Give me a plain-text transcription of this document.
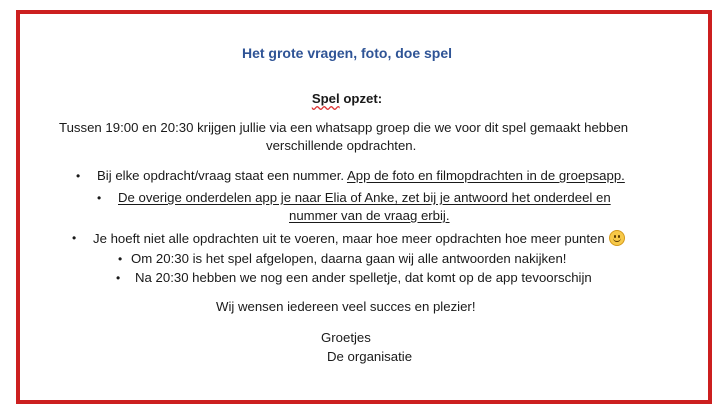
Het grote vragen, foto, doe spel
Spel opzet:
Tussen 19:00 en 20:30 krijgen jullie via een whatsapp groep die we voor dit spel gemaakt hebben
verschillende opdrachten.
• Bij elke opdracht/vraag staat een nummer. App de foto en filmopdrachten in de groepsapp.
• De overige onderdelen app je naar Elia of Anke, zet bij je antwoord het onderdeel en
nummer van de vraag erbij.
• Je hoeft niet alle opdrachten uit te voeren, maar hoe meer opdrachten hoe meer punten
• Om 20:30 is het spel afgelopen, daarna gaan wij alle antwoorden nakijken!
• Na 20:30 hebben we nog een ander spelletje, dat komt op de app tevoorschijn
Wij wensen iedereen veel succes en plezier!
Groetjes
De organisatie
